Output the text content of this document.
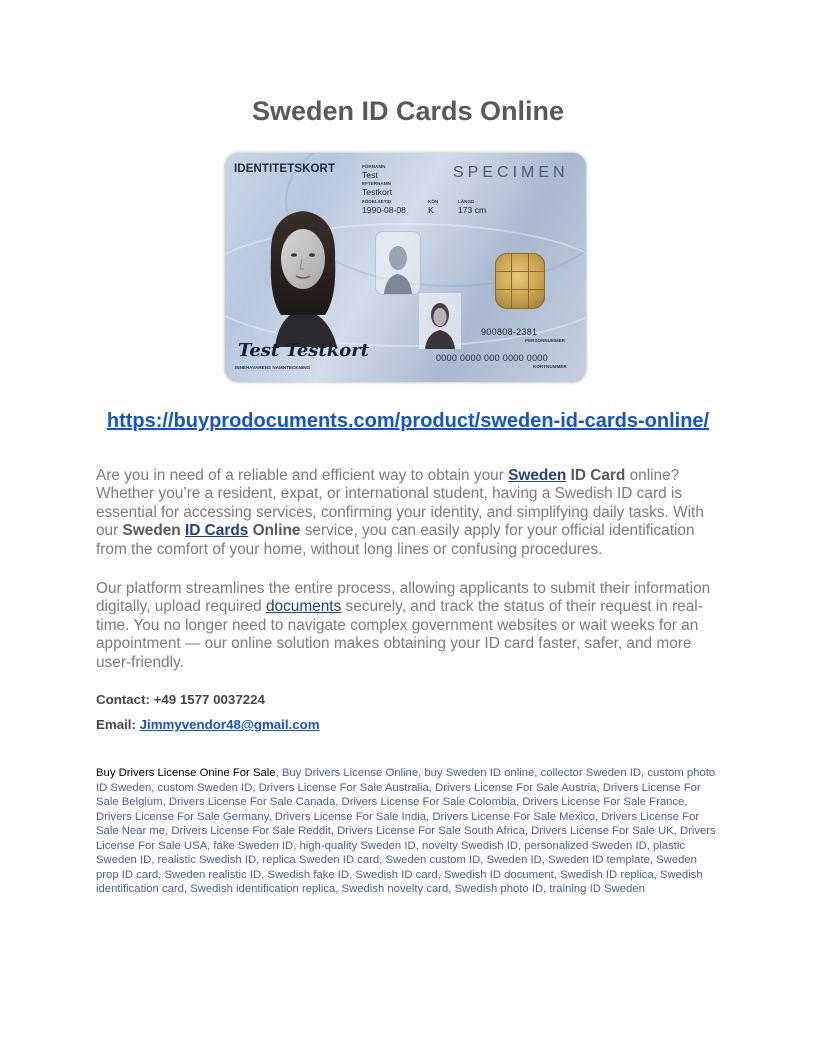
Sweden ID Cards Online
IDENTITETSKORT	SPECIMEN
FÖRNAMN
Test
EFTERNAMN
Testkort
FÖDELSETID
1990-08-08
KÖN
K
LÄNGD
173 cm
Test Testkort
INNEHAVARENS NAMNTECKNING
900808-2381
PERSONNUMMER
0000 0000 000 0000 0000
KORTNUMMER
https://buyprodocuments.com/product/sweden-id-cards-online/

Are you in need of a reliable and efficient way to obtain your Sweden ID Card online? Whether you’re a resident, expat, or international student, having a Swedish ID card is essential for accessing services, confirming your identity, and simplifying daily tasks. With our Sweden ID Cards Online service, you can easily apply for your official identification from the comfort of your home, without long lines or confusing procedures.

Our platform streamlines the entire process, allowing applicants to submit their information digitally, upload required documents securely, and track the status of their request in real-time. You no longer need to navigate complex government websites or wait weeks for an appointment — our online solution makes obtaining your ID card faster, safer, and more user-friendly.

Contact: +49 1577 0037224
Email: Jimmyvendor48@gmail.com
Buy Drivers License Onine For Sale, Buy Drivers License Online, buy Sweden ID online, collector Sweden ID, custom photo ID Sweden, custom Sweden ID, Drivers License For Sale Australia, Drivers License For Sale Austria, Drivers License For Sale Belgium, Drivers License For Sale Canada, Drivers License For Sale Colombia, Drivers License For Sale France, Drivers License For Sale Germany, Drivers License For Sale India, Drivers License For Sale Mexico, Drivers License For Sale Near me, Drivers License For Sale Reddit, Drivers License For Sale South Africa, Drivers License For Sale UK, Drivers License For Sale USA, fake Sweden ID, high-quality Sweden ID, novelty Swedish ID, personalized Sweden ID, plastic Sweden ID, realistic Swedish ID, replica Sweden ID card, Sweden custom ID, Sweden ID, Sweden ID template, Sweden prop ID card, Sweden realistic ID, Swedish fake ID, Swedish ID card, Swedish ID document, Swedish ID replica, Swedish identification card, Swedish identification replica, Swedish novelty card, Swedish photo ID, training ID Sweden
